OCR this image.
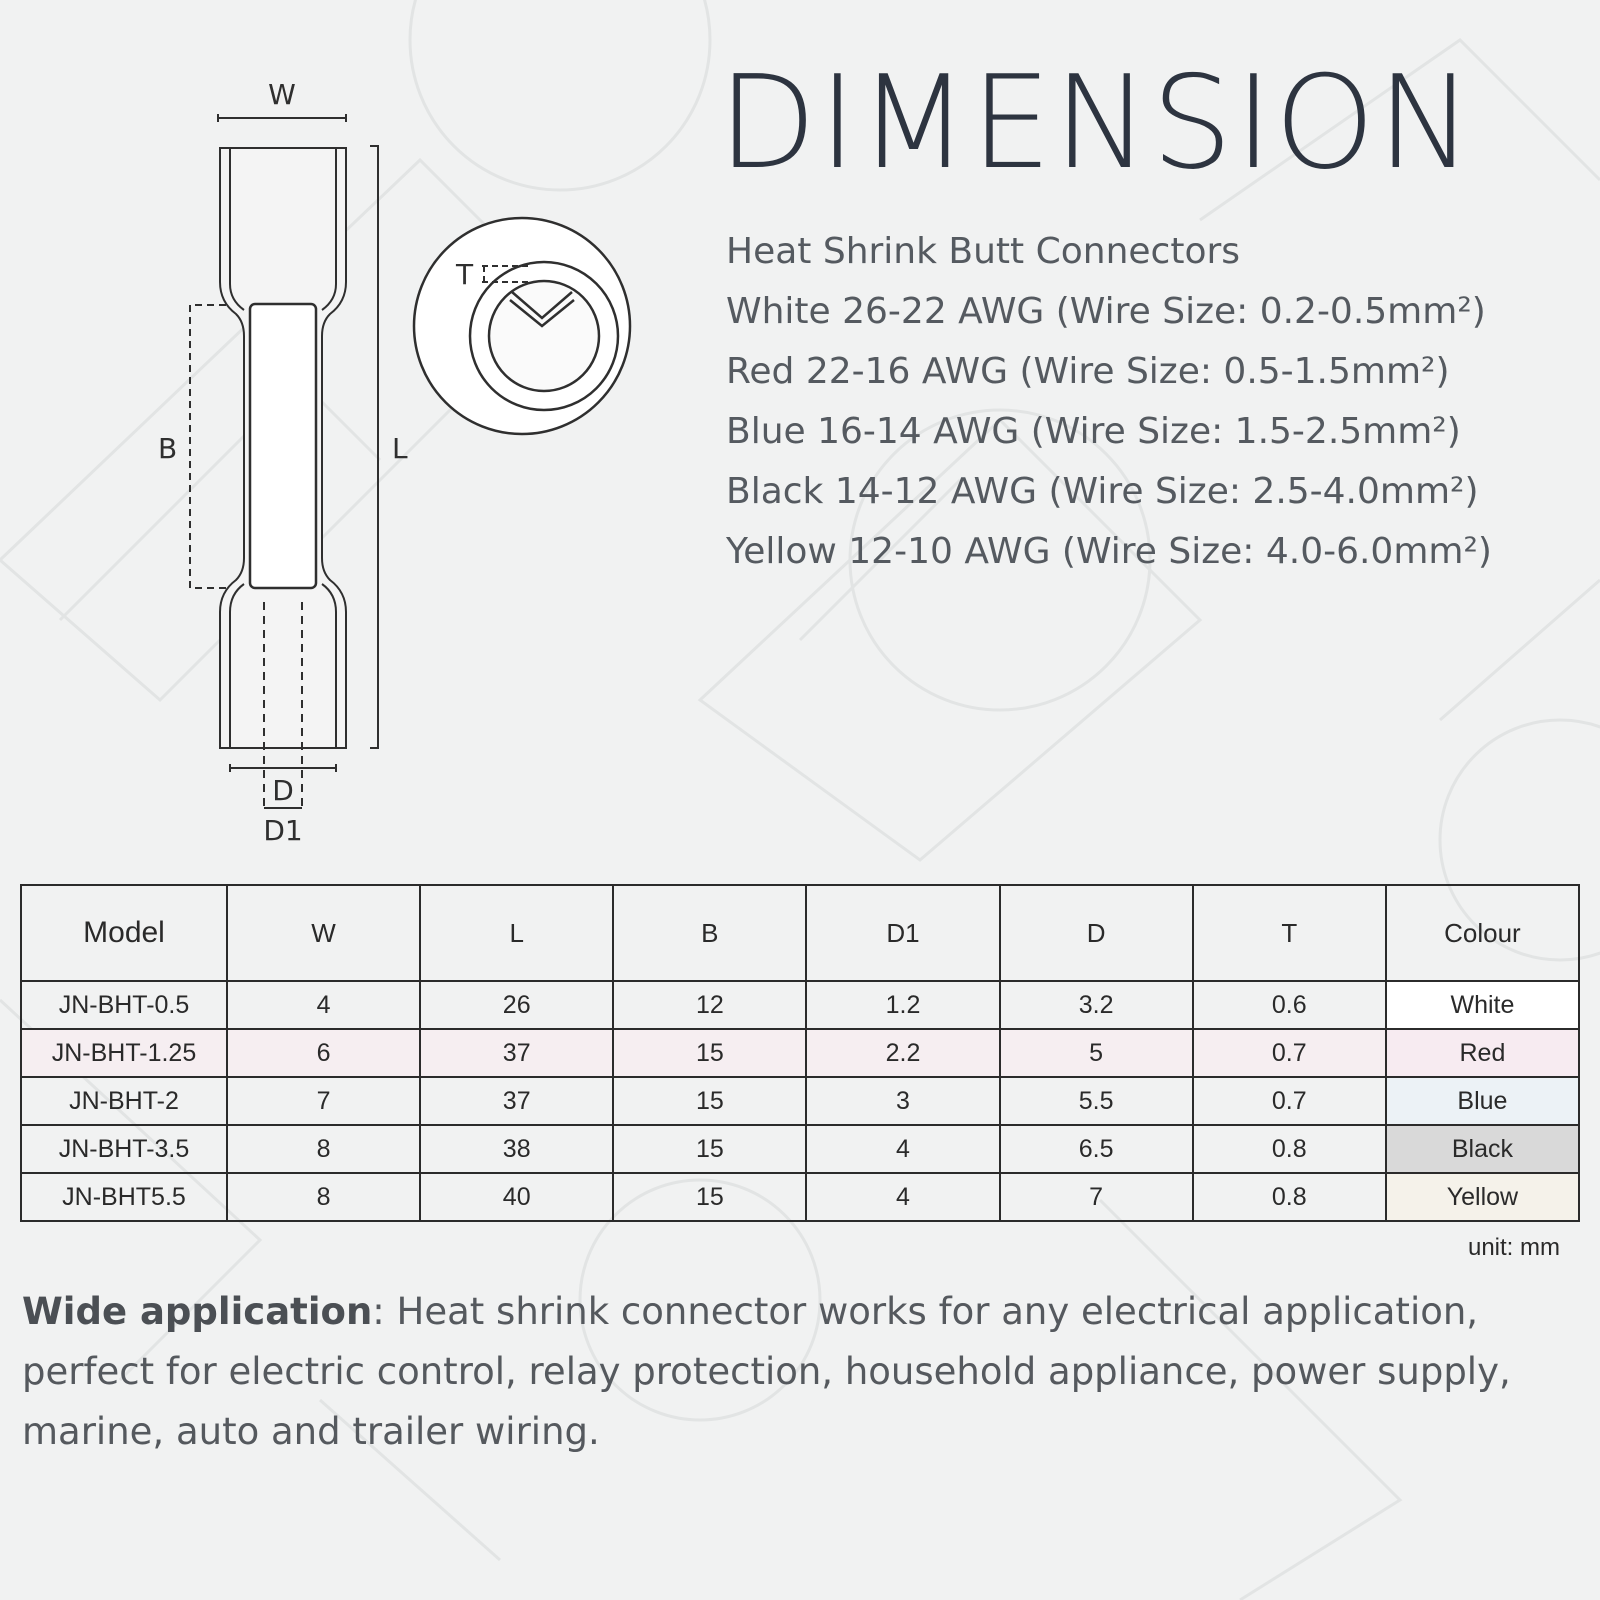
W
L
B
D
D1
T
DIMENSION
Heat Shrink Butt Connectors
White 26-22 AWG (Wire Size: 0.2-0.5mm²)
Red 22-16 AWG (Wire Size: 0.5-1.5mm²)
Blue 16-14 AWG (Wire Size: 1.5-2.5mm²)
Black 14-12 AWG (Wire Size: 2.5-4.0mm²)
Yellow 12-10 AWG (Wire Size: 4.0-6.0mm²)
Model	W	L	B	D1	D	T	Colour
JN-BHT-0.5	4	26	12	1.2	3.2	0.6	White
JN-BHT-1.25	6	37	15	2.2	5	0.7	Red
JN-BHT-2	7	37	15	3	5.5	0.7	Blue
JN-BHT-3.5	8	38	15	4	6.5	0.8	Black
JN-BHT5.5	8	40	15	4	7	0.8	Yellow
unit: mm
Wide application: Heat shrink connector works for any electrical application, perfect for electric control, relay protection, household appliance, power supply, marine, auto and trailer wiring.
